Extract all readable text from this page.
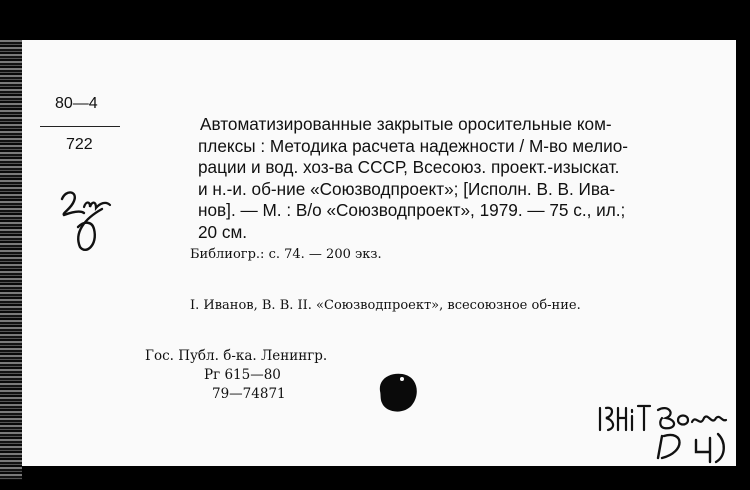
80—4
722
Автоматизированные закрытые оросительные ком-
плексы : Методика расчета надежности / М-во мелио-
рации и вод. хоз-ва СССР, Всесоюз. проект.-изыскат.
и н.-и. об-ние «Союзводпроект»; [Исполн. В. В. Ива-
нов]. — М. : В/о «Союзводпроект», 1979. — 75 с., ил.;
20 см.
Библиогр.: с. 74. — 200 экз.
I. Иванов, В. В. II. «Союзводпроект», всесоюзное об-ние.
Гос. Публ. б-ка. Ленингр.
Рг 615—80
79—74871
